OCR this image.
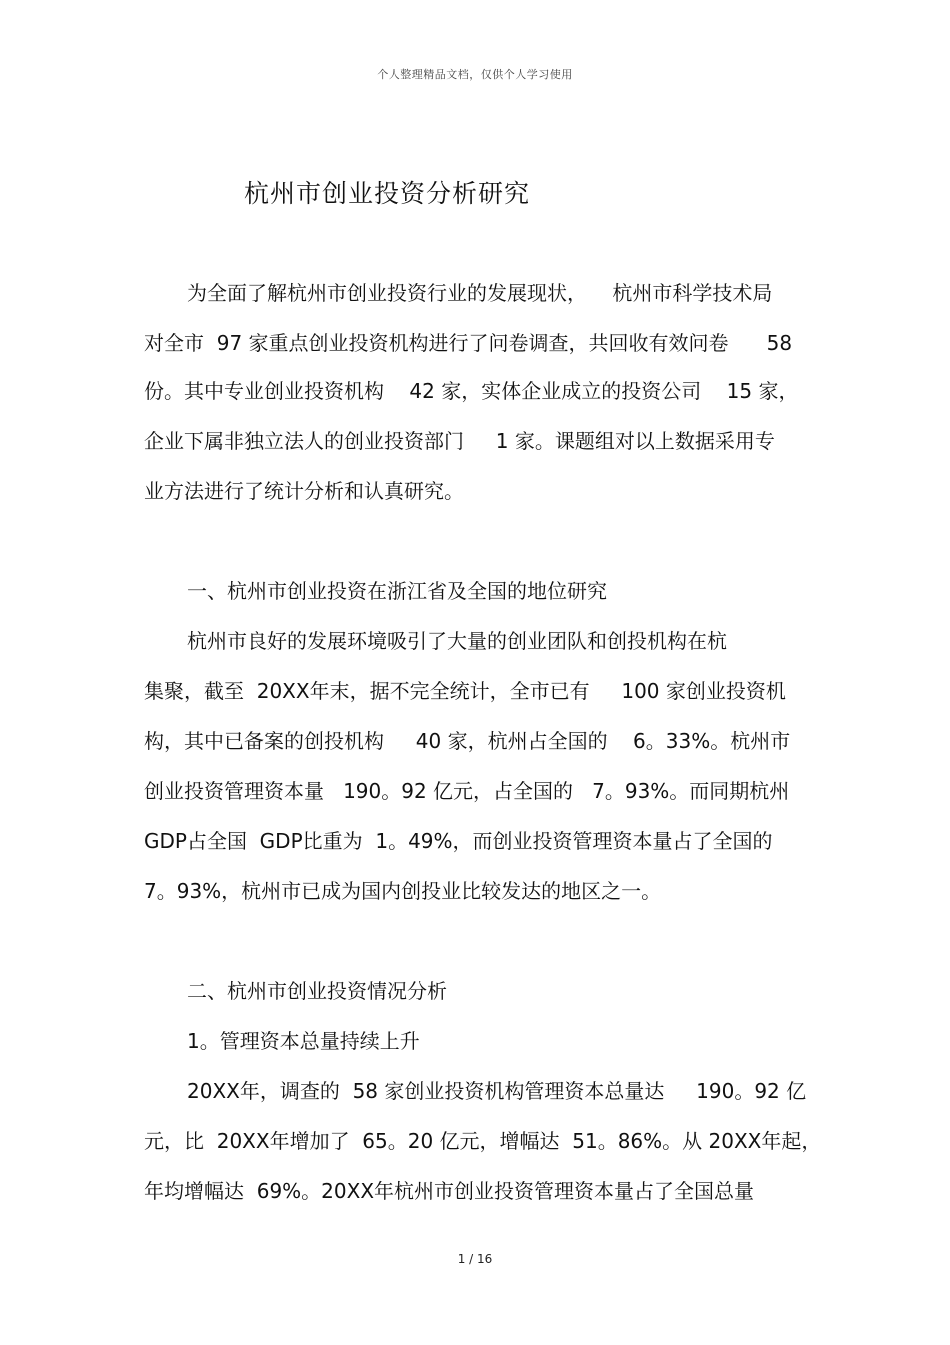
个人整理精品文档，仅供个人学习使用
杭州市创业投资分析研究
为全面了解杭州市创业投资行业的发展现状，    杭州市科学技术局
对全市  97 家重点创业投资机构进行了问卷调查，共回收有效问卷      58
份。其中专业创业投资机构    42 家，实体企业成立的投资公司    15 家，
企业下属非独立法人的创业投资部门     1 家。课题组对以上数据采用专
业方法进行了统计分析和认真研究。
一、杭州市创业投资在浙江省及全国的地位研究
杭州市良好的发展环境吸引了大量的创业团队和创投机构在杭
集聚，截至  20XX年末，据不完全统计，全市已有     100 家创业投资机
构，其中已备案的创投机构     40 家，杭州占全国的    6。33%。杭州市
创业投资管理资本量   190。92 亿元，占全国的   7。93%。而同期杭州
GDP占全国  GDP比重为  1。49%，而创业投资管理资本量占了全国的
7。93%，杭州市已成为国内创投业比较发达的地区之一。
二、杭州市创业投资情况分析
1。管理资本总量持续上升
20XX年，调查的  58 家创业投资机构管理资本总量达     190。92 亿
元，比  20XX年增加了  65。20 亿元，增幅达  51。86%。从 20XX年起，
年均增幅达  69%。20XX年杭州市创业投资管理资本量占了全国总量
1 / 16
